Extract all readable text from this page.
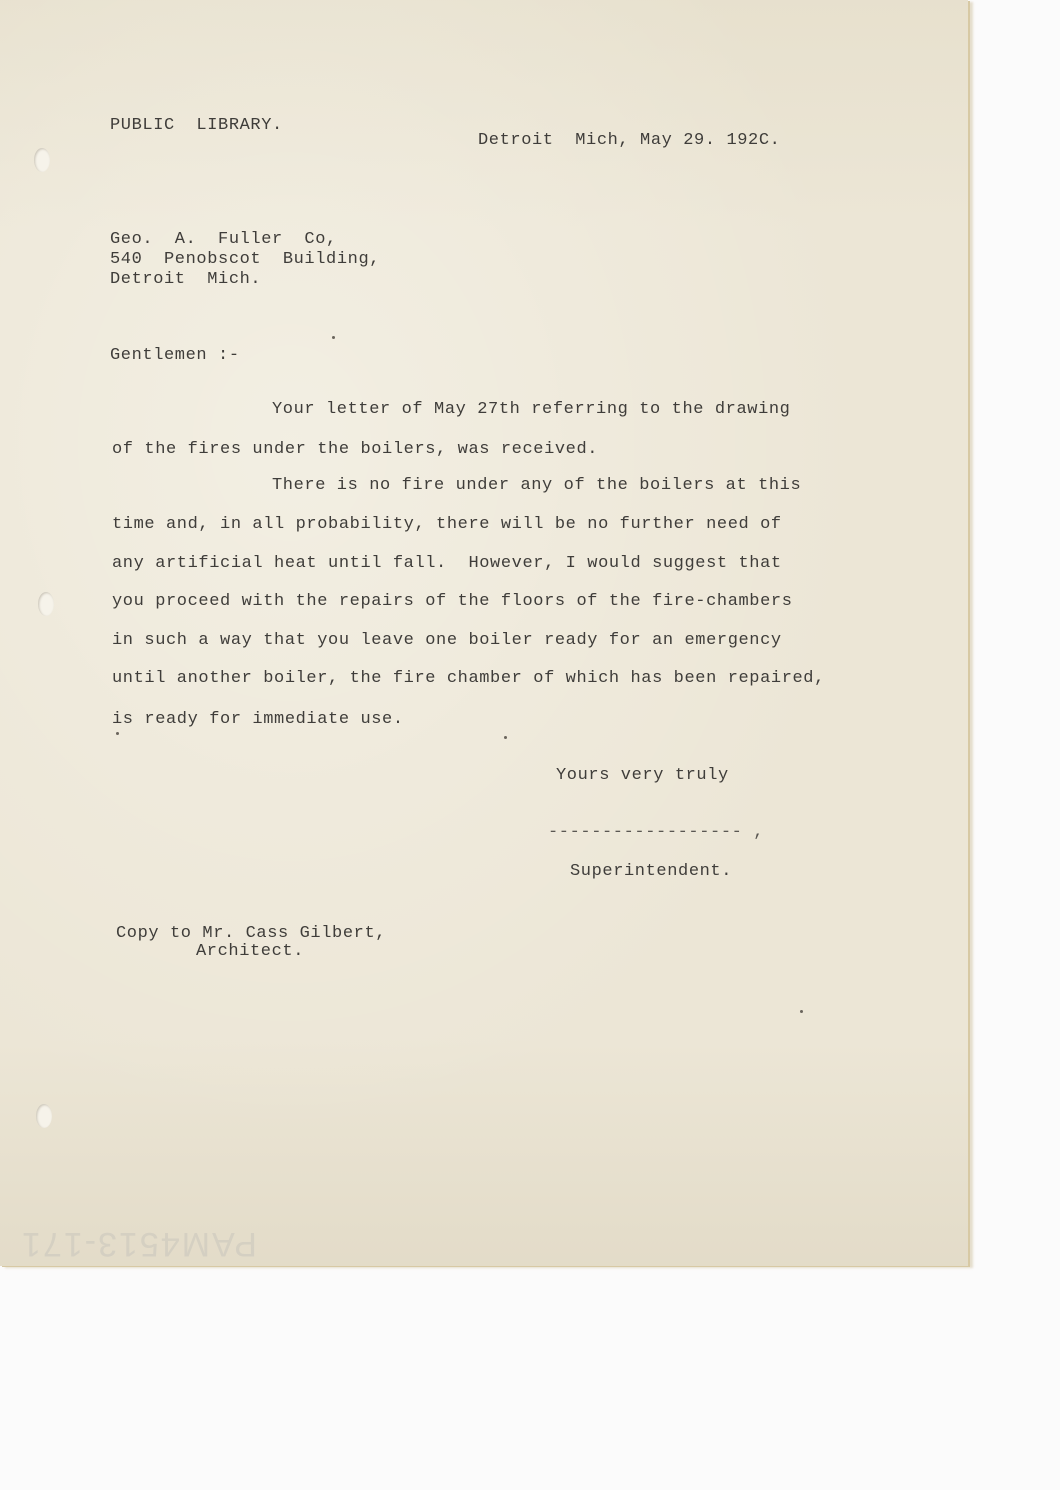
PUBLIC  LIBRARY.

Detroit  Mich, May 29. 192C.

Geo.  A.  Fuller  Co,

540  Penobscot  Building,

Detroit  Mich.

Gentlemen :-

Your letter of May 27th referring to the drawing

of the fires under the boilers, was received.

There is no fire under any of the boilers at this

time and, in all probability, there will be no further need of

any artificial heat until fall.  However, I would suggest that

you proceed with the repairs of the floors of the fire-chambers

in such a way that you leave one boiler ready for an emergency

until another boiler, the fire chamber of which has been repaired,

is ready for immediate use.

Yours very truly

------------------ ,

Superintendent.

Copy to Mr. Cass Gilbert,

Architect.

PAM4513-171
